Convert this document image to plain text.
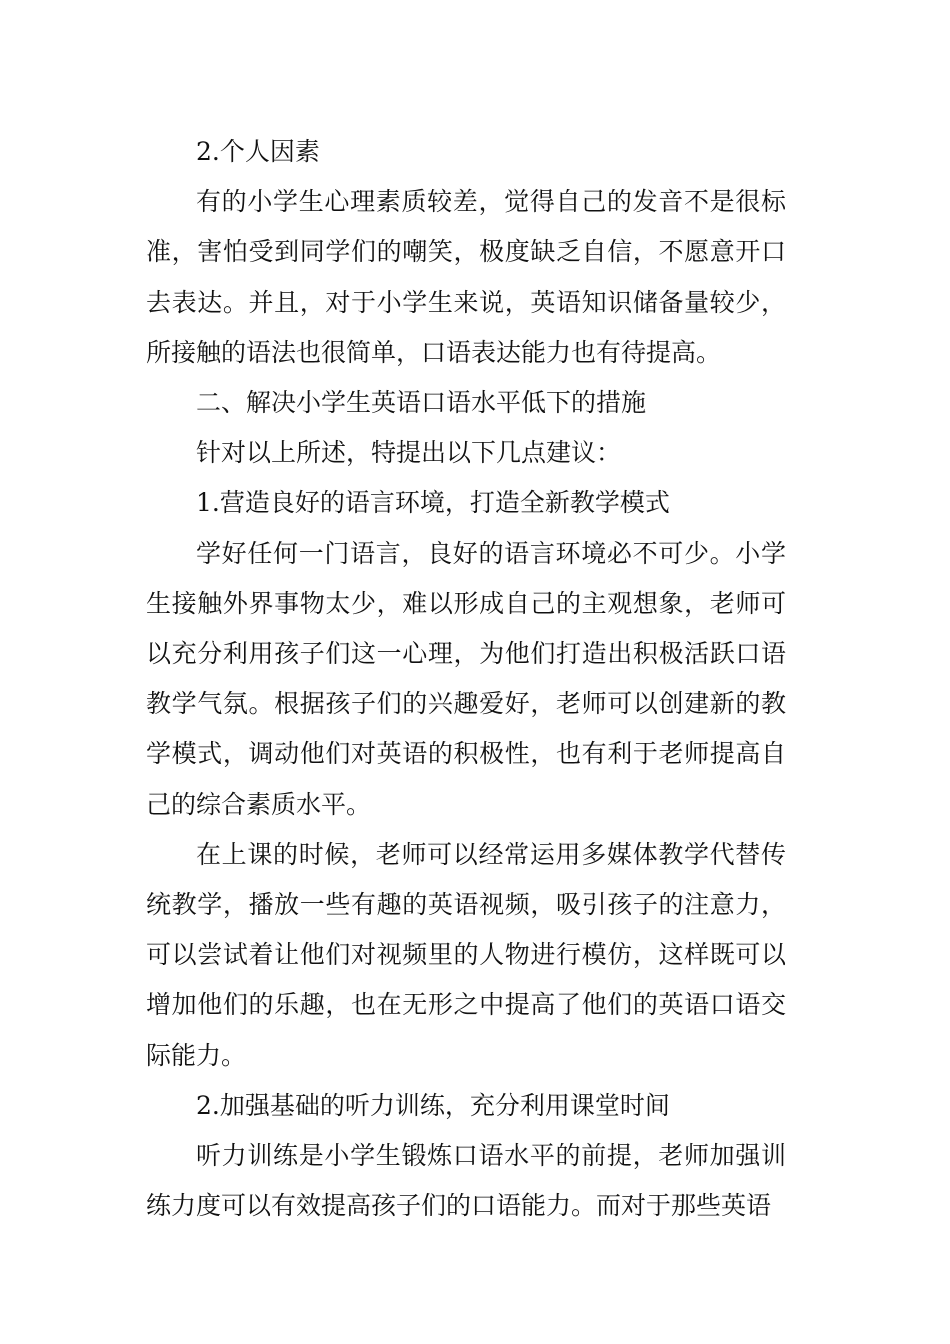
2.个人因素

有的小学生心理素质较差，觉得自己的发音不是很标准，害怕受到同学们的嘲笑，极度缺乏自信，不愿意开口去表达。并且，对于小学生来说，英语知识储备量较少，所接触的语法也很简单，口语表达能力也有待提高。

二、解决小学生英语口语水平低下的措施

针对以上所述，特提出以下几点建议：

1.营造良好的语言环境，打造全新教学模式

学好任何一门语言，良好的语言环境必不可少。小学生接触外界事物太少，难以形成自己的主观想象，老师可以充分利用孩子们这一心理，为他们打造出积极活跃口语教学气氛。根据孩子们的兴趣爱好，老师可以创建新的教学模式，调动他们对英语的积极性，也有利于老师提高自己的综合素质水平。

在上课的时候，老师可以经常运用多媒体教学代替传统教学，播放一些有趣的英语视频，吸引孩子的注意力，可以尝试着让他们对视频里的人物进行模仿，这样既可以增加他们的乐趣，也在无形之中提高了他们的英语口语交际能力。

2.加强基础的听力训练，充分利用课堂时间

听力训练是小学生锻炼口语水平的前提，老师加强训练力度可以有效提高孩子们的口语能力。而对于那些英语
